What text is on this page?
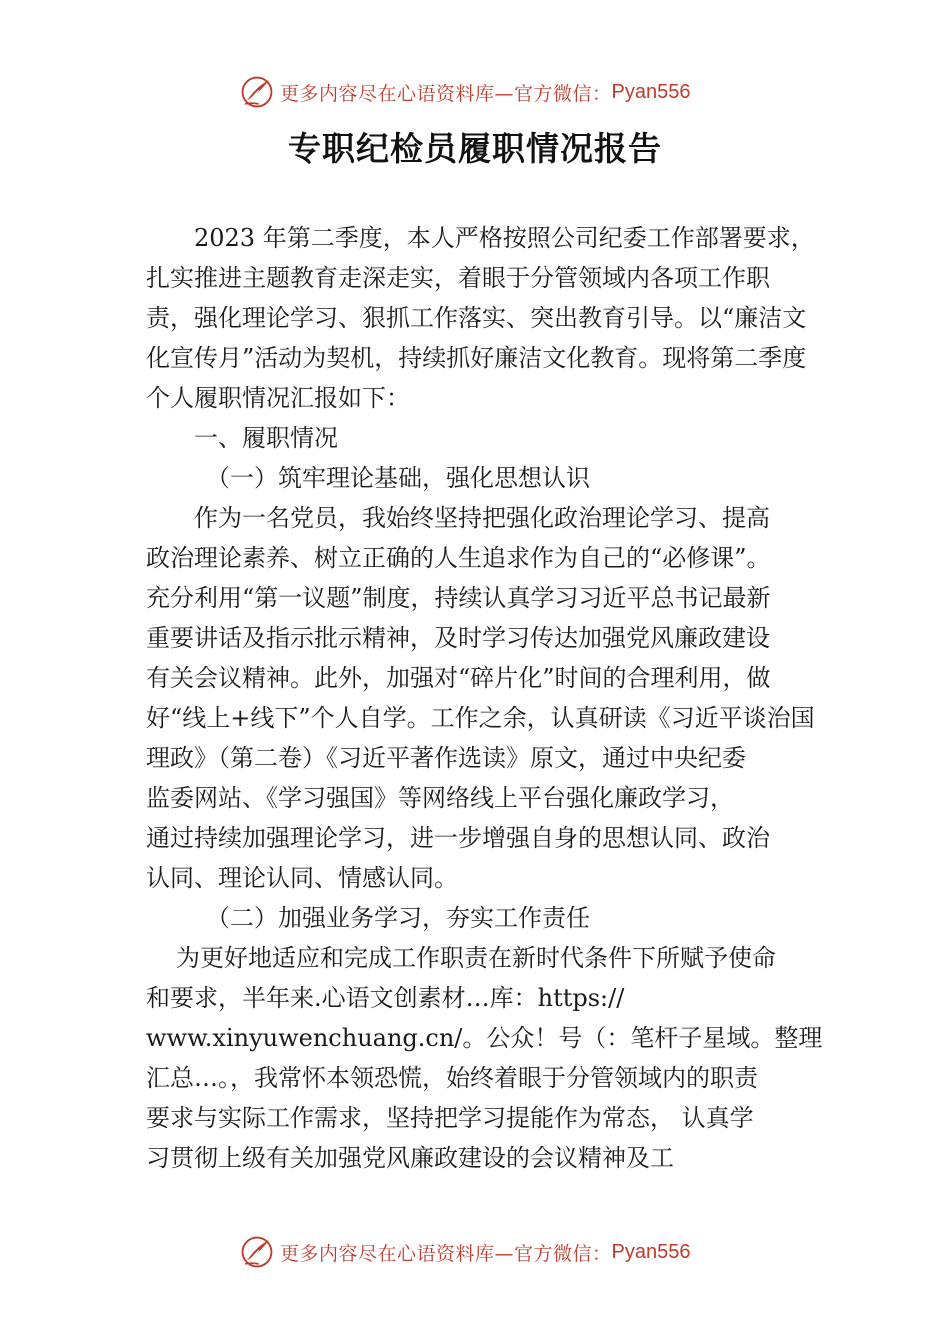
更多内容尽在心语资料库—官方微信： Pyan556
专职纪检员履职情况报告
2023 年第二季度，本人严格按照公司纪委工作部署要求，
扎实推进主题教育走深走实，着眼于分管领域内各项工作职
责，强化理论学习、狠抓工作落实、突出教育引导。以“廉洁文
化宣传月”活动为契机，持续抓好廉洁文化教育。现将第二季度
个人履职情况汇报如下：
一、履职情况
（一）筑牢理论基础，强化思想认识
作为一名党员，我始终坚持把强化政治理论学习、提高
政治理论素养、树立正确的人生追求作为自己的“必修课”。
充分利用“第一议题”制度，持续认真学习习近平总书记最新
重要讲话及指示批示精神，及时学习传达加强党风廉政建设
有关会议精神。此外，加强对“碎片化”时间的合理利用，做
好“线上+线下”个人自学。工作之余，认真研读《习近平谈治国
理政》（第二卷）《习近平著作选读》原文，通过中央纪委
监委网站、《学习强国》等网络线上平台强化廉政学习，
通过持续加强理论学习，进一步增强自身的思想认同、政治
认同、理论认同、情感认同。
（二）加强业务学习，夯实工作责任
为更好地适应和完成工作职责在新时代条件下所赋予使命
和要求，半年来.心语文创素材…库：https://
www.xinyuwenchuang.cn/。公众！号（：笔杆子星域。整理
汇总…。，我常怀本领恐慌，始终着眼于分管领域内的职责
要求与实际工作需求，坚持把学习提能作为常态， 认真学
习贯彻上级有关加强党风廉政建设的会议精神及工
更多内容尽在心语资料库—官方微信： Pyan556
